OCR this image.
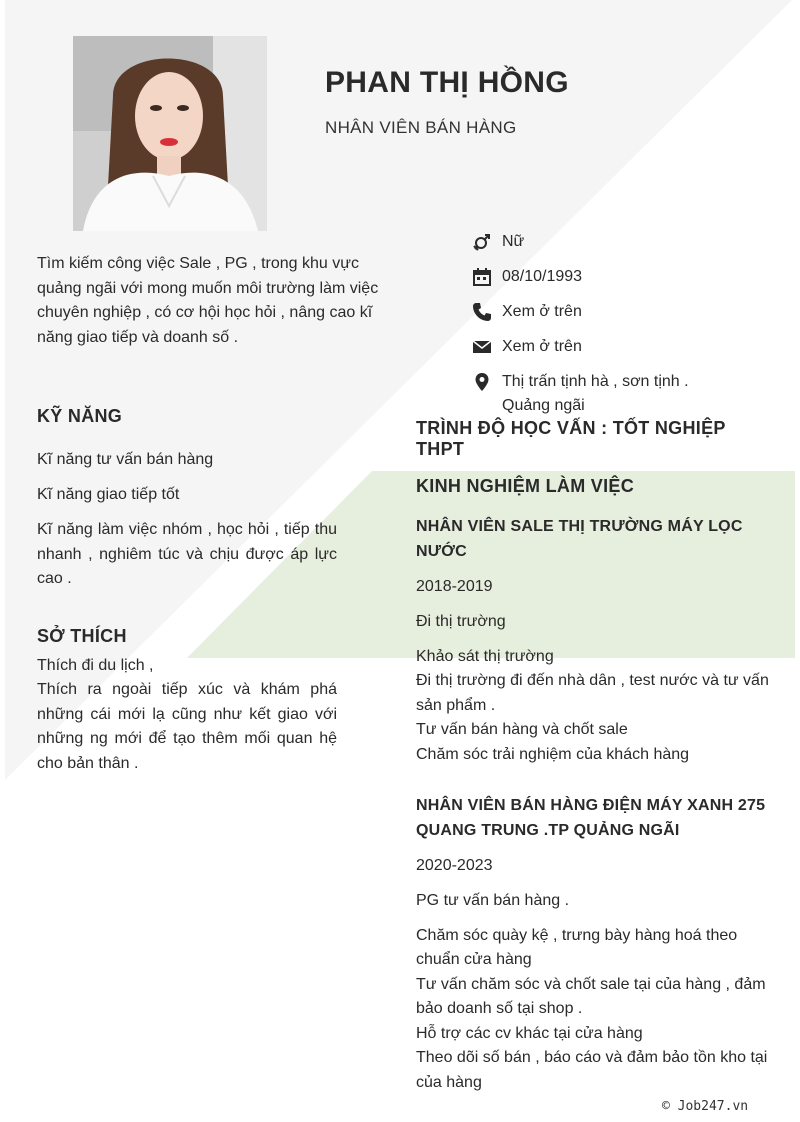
PHAN THỊ HỒNG
NHÂN VIÊN BÁN HÀNG
Tìm kiếm công việc Sale , PG , trong khu vực quảng ngãi với mong muốn môi trường làm việc chuyên nghiệp , có cơ hội học hỏi , nâng cao kĩ năng giao tiếp và doanh số .
Nữ
08/10/1993
Xem ở trên
Xem ở trên
Thị trấn tịnh hà , sơn tịnh .
Quảng ngãi
KỸ NĂNG

Kĩ năng tư vấn bán hàng

Kĩ năng giao tiếp tốt

Kĩ năng làm việc nhóm , học hỏi , tiếp thu nhanh , nghiêm túc và chịu được áp lực cao .

SỞ THÍCH

Thích đi du lịch ,

Thích ra ngoài tiếp xúc và khám phá những cái mới lạ cũng như kết giao với những ng mới để tạo thêm mối quan hệ cho bản thân .

TRÌNH ĐỘ HỌC VẤN : TỐT NGHIỆP THPT
KINH NGHIỆM LÀM VIỆC
NHÂN VIÊN SALE THỊ TRƯỜNG MÁY LỌC NƯỚC

2018-2019

Đi thị trường

Khảo sát thị trường

Đi thị trường đi đến nhà dân , test nước và tư vấn sản phẩm .

Tư vấn bán hàng và chốt sale

Chăm sóc trải nghiệm của khách hàng

NHÂN VIÊN BÁN HÀNG ĐIỆN MÁY XANH 275 QUANG TRUNG .TP QUẢNG NGÃI

2020-2023

PG tư vấn bán hàng .

Chăm sóc quày kệ , trưng bày hàng hoá theo chuẩn cửa hàng

Tư vấn chăm sóc và chốt sale tại của hàng , đảm bảo doanh số tại shop .

Hỗ trợ các cv khác tại cửa hàng

Theo dõi số bán , báo cáo và đảm bảo tồn kho tại của hàng

© Job247.vn
